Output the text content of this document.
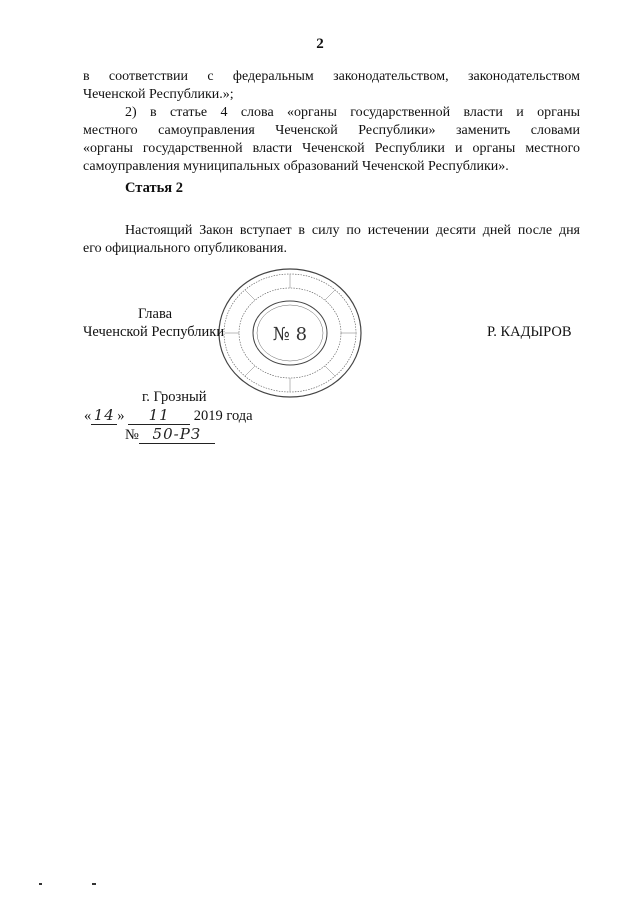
2
в соответствии с федеральным законодательством, законодательством
Чеченской Республики.»;
2) в статье 4 слова «органы государственной власти и органы
местного самоуправления Чеченской Республики» заменить словами
«органы государственной власти Чеченской Республики и органы местного
самоуправления муниципальных образований Чеченской Республики».
Статья 2
Настоящий Закон вступает в силу по истечении десяти дней после дня
его официального опубликования.
№ 8
Глава
Чеченской Республики	Р. КАДЫРОВ
г. Грозный
« 14 » 11 2019 года
№ 50-РЗ
